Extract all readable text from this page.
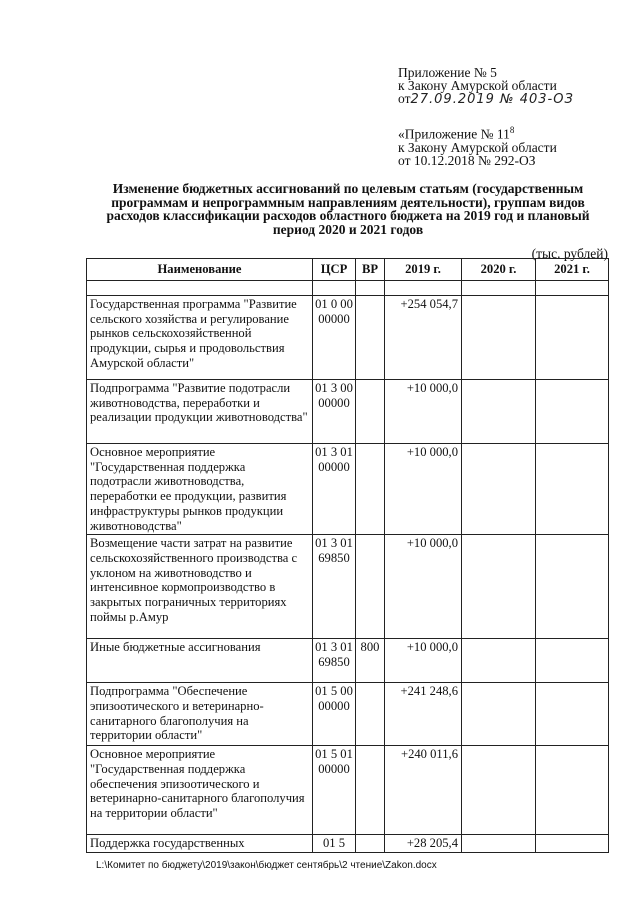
Приложение № 5
к Закону Амурской области
от27.09.2019 № 403-ОЗ
«Приложение № $11^8$
к Закону Амурской области
от 10.12.2018 № 292-ОЗ
Изменение бюджетных ассигнований по целевым статьям (государственным программам и непрограммным направлениям деятельности), группам видов расходов классификации расходов областного бюджета на 2019 год и плановый период 2020 и 2021 годов
(тыс. рублей)
Наименование	ЦСР	ВР	2019 г.	2020 г.	2021 г.

Государственная программа "Развитие сельского хозяйства и регулирование рынков сельскохозяйственной продукции, сырья и продовольствия Амурской области"	01 0 00 00000		+254 054,7		
Подпрограмма "Развитие подотрасли животноводства, переработки и реализации продукции животноводства"	01 3 00 00000		+10 000,0		
Основное мероприятие "Государственная поддержка подотрасли животноводства, переработки ее продукции, развития инфраструктуры рынков продукции животноводства"	01 3 01 00000		+10 000,0		
Возмещение части затрат на развитие сельскохозяйственного производства с уклоном на животноводство и интенсивное кормопроизводство в закрытых пограничных территориях поймы р.Амур	01 3 01 69850		+10 000,0		
Иные бюджетные ассигнования	01 3 01 69850	800	+10 000,0		
Подпрограмма "Обеспечение эпизоотического и ветеринарно-санитарного благополучия на территории области"	01 5 00 00000		+241 248,6		
Основное мероприятие "Государственная поддержка обеспечения эпизоотического и ветеринарно-санитарного благополучия на территории области"	01 5 01 00000		+240 011,6		
Поддержка государственных	01 5		+28 205,4		
L:\Комитет по бюджету\2019\закон\бюджет сентябрь\2 чтение\Zakon.docx
